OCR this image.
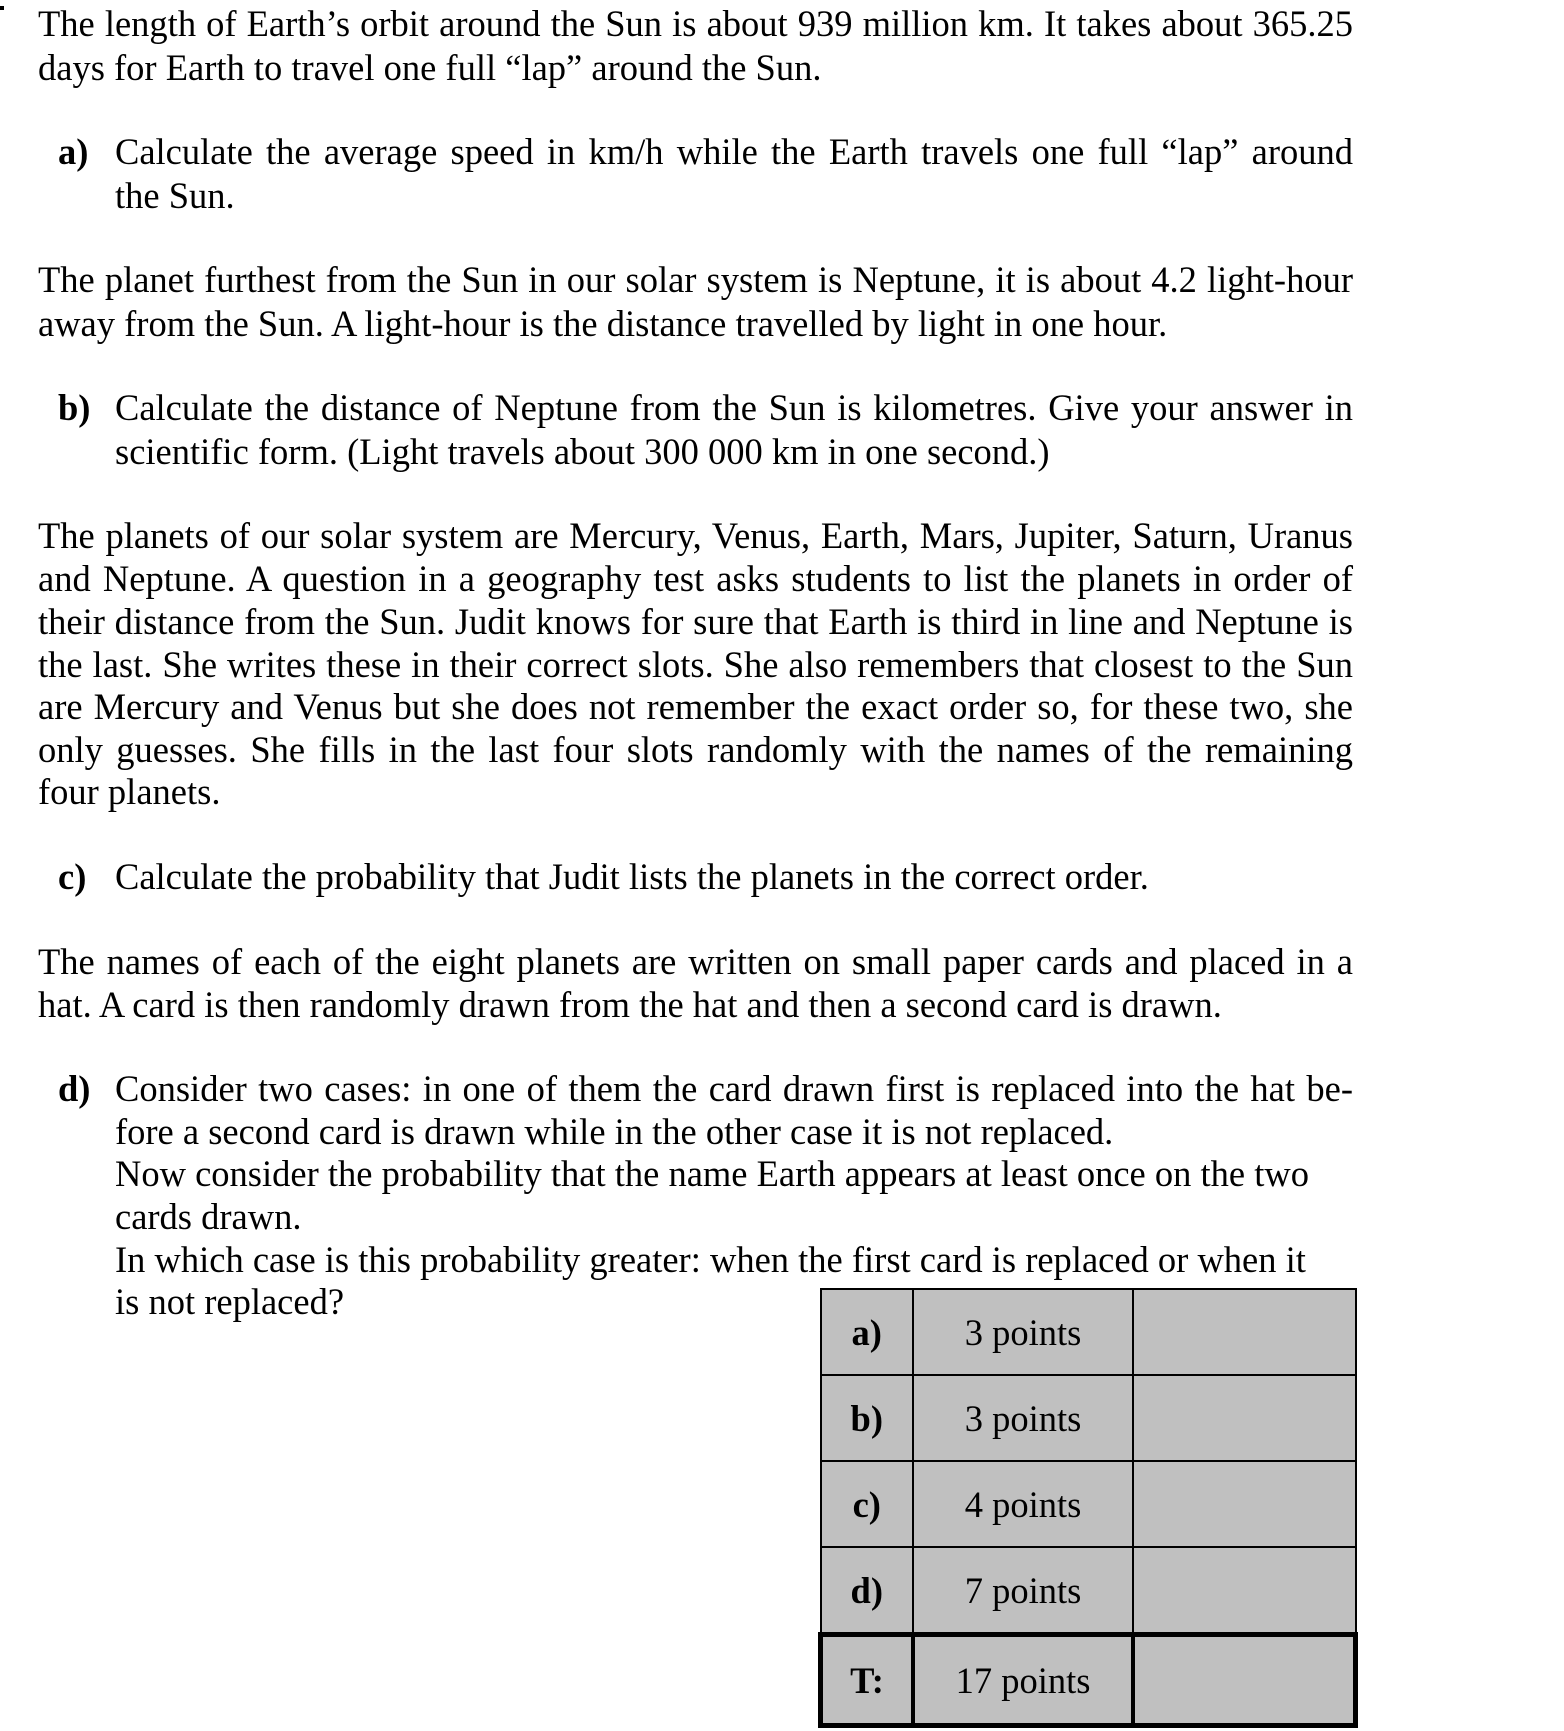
The length of Earth’s orbit around the Sun is about 939 million km. It takes about 365.25
days for Earth to travel one full “lap” around the Sun.
a) Calculate the average speed in km/h while the Earth travels one full “lap” around
the Sun.
The planet furthest from the Sun in our solar system is Neptune, it is about 4.2 light-hour
away from the Sun. A light-hour is the distance travelled by light in one hour.
b) Calculate the distance of Neptune from the Sun is kilometres. Give your answer in
scientific form. (Light travels about 300 000 km in one second.)
The planets of our solar system are Mercury, Venus, Earth, Mars, Jupiter, Saturn, Uranus
and Neptune. A question in a geography test asks students to list the planets in order of
their distance from the Sun. Judit knows for sure that Earth is third in line and Neptune is
the last. She writes these in their correct slots. She also remembers that closest to the Sun
are Mercury and Venus but she does not remember the exact order so, for these two, she
only guesses. She fills in the last four slots randomly with the names of the remaining
four planets.
c) Calculate the probability that Judit lists the planets in the correct order.
The names of each of the eight planets are written on small paper cards and placed in a
hat. A card is then randomly drawn from the hat and then a second card is drawn.
d) Consider two cases: in one of them the card drawn first is replaced into the hat be-
fore a second card is drawn while in the other case it is not replaced.
Now consider the probability that the name Earth appears at least once on the two
cards drawn.
In which case is this probability greater: when the first card is replaced or when it
is not replaced?
a)	3 points	
b)	3 points	
c)	4 points	
d)	7 points	
T:	17 points	
